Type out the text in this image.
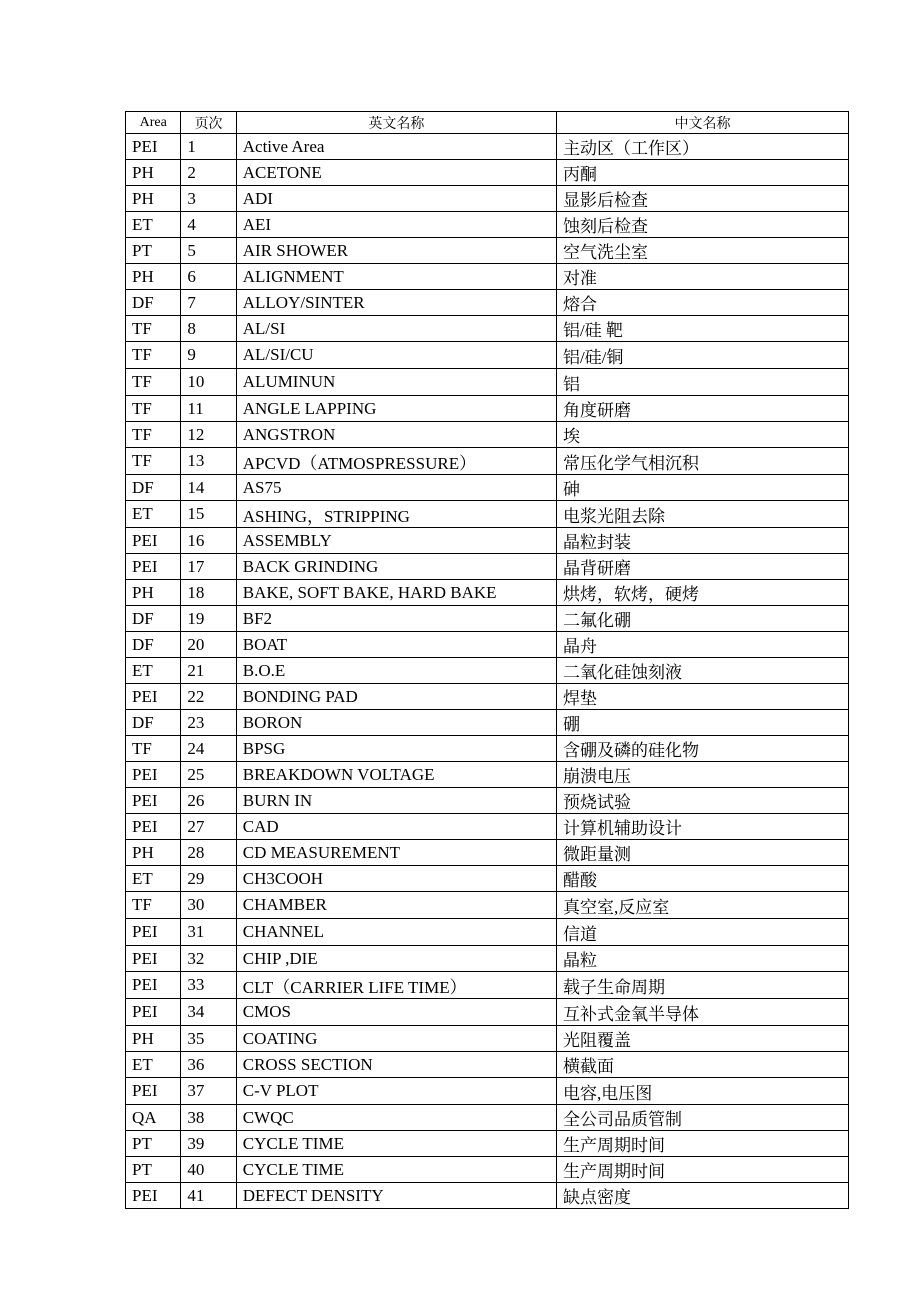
Area	页次	英文名称	中文名称
PEI	1	Active Area	主动区（工作区）
PH	2	ACETONE	丙酮
PH	3	ADI	显影后检查
ET	4	AEI	蚀刻后检查
PT	5	AIR SHOWER	空气洗尘室
PH	6	ALIGNMENT	对准
DF	7	ALLOY/SINTER	熔合
TF	8	AL/SI	铝/硅 靶
TF	9	AL/SI/CU	铝/硅/铜
TF	10	ALUMINUN	铝
TF	11	ANGLE LAPPING	角度研磨
TF	12	ANGSTRON	埃
TF	13	APCVD（ATMOSPRESSURE）	常压化学气相沉积
DF	14	AS75	砷
ET	15	ASHING，STRIPPING	电浆光阻去除
PEI	16	ASSEMBLY	晶粒封装
PEI	17	BACK GRINDING	晶背研磨
PH	18	BAKE, SOFT BAKE, HARD BAKE	烘烤，软烤，硬烤
DF	19	BF2	二氟化硼
DF	20	BOAT	晶舟
ET	21	B.O.E	二氧化硅蚀刻液
PEI	22	BONDING PAD	焊垫
DF	23	BORON	硼
TF	24	BPSG	含硼及磷的硅化物
PEI	25	BREAKDOWN VOLTAGE	崩溃电压
PEI	26	BURN IN	预烧试验
PEI	27	CAD	计算机辅助设计
PH	28	CD MEASUREMENT	微距量测
ET	29	CH3COOH	醋酸
TF	30	CHAMBER	真空室,反应室
PEI	31	CHANNEL	信道
PEI	32	CHIP ,DIE	晶粒
PEI	33	CLT（CARRIER LIFE TIME）	载子生命周期
PEI	34	CMOS	互补式金氧半导体
PH	35	COATING	光阻覆盖
ET	36	CROSS SECTION	横截面
PEI	37	C-V PLOT	电容,电压图
QA	38	CWQC	全公司品质管制
PT	39	CYCLE TIME	生产周期时间
PT	40	CYCLE TIME	生产周期时间
PEI	41	DEFECT DENSITY	缺点密度
